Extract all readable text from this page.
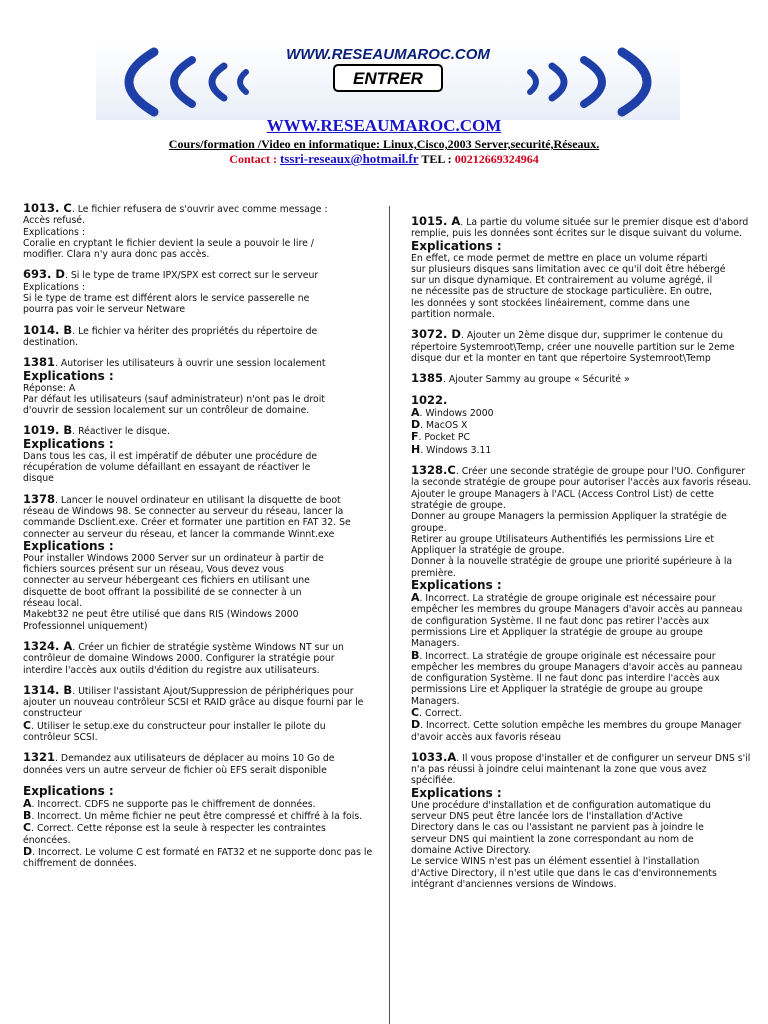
WWW.RESEAUMAROC.COM
ENTRER
WWW.RESEAUMAROC.COM
Cours/formation /Video en informatique: Linux,Cisco,2003 Server,securité,Réseaux.
Contact : tssri-reseaux@hotmail.fr TEL : 00212669324964
1013. C. Le fichier refusera de s'ouvrir avec comme message :
Accès refusé.
Explications :
Coralie en cryptant le fichier devient la seule a pouvoir le lire /
modifier. Clara n'y aura donc pas accès.
693. D. Si le type de trame IPX/SPX est correct sur le serveur
Explications :
Si le type de trame est différent alors le service passerelle ne
pourra pas voir le serveur Netware
1014. B. Le fichier va hériter des propriétés du répertoire de destination.
1381. Autoriser les utilisateurs à ouvrir une session localement
Explications :
Réponse: A
Par défaut les utilisateurs (sauf administrateur) n'ont pas le droit
d'ouvrir de session localement sur un contrôleur de domaine.
1019. B. Réactiver le disque.
Explications :
Dans tous les cas, il est impératif de débuter une procédure de
récupération de volume défaillant en essayant de réactiver le
disque
1378. Lancer le nouvel ordinateur en utilisant la disquette de boot réseau de Windows 98. Se connecter au serveur du réseau, lancer la commande Dsclient.exe. Créer et formater une partition en FAT 32. Se connecter au serveur du réseau, et lancer la commande Winnt.exe
Explications :
Pour installer Windows 2000 Server sur un ordinateur à partir de
fichiers sources présent sur un réseau, Vous devez vous
connecter au serveur hébergeant ces fichiers en utilisant une
disquette de boot offrant la possibilité de se connecter à un
réseau local.
Makebt32 ne peut être utilisé que dans RIS (Windows 2000
Professionnel uniquement)
1324. A. Créer un fichier de stratégie système Windows NT sur un contrôleur de domaine Windows 2000. Configurer la stratégie pour interdire l'accès aux outils d'édition du registre aux utilisateurs.
1314. B. Utiliser l'assistant Ajout/Suppression de périphériques pour ajouter un nouveau contrôleur SCSI et RAID grâce au disque fourni par le constructeur
C. Utiliser le setup.exe du constructeur pour installer le pilote du contrôleur SCSI.
1321. Demandez aux utilisateurs de déplacer au moins 10 Go de données vers un autre serveur de fichier où EFS serait disponible
Explications :
A. Incorrect. CDFS ne supporte pas le chiffrement de données.
B. Incorrect. Un même fichier ne peut être compressé et chiffré à la fois.
C. Correct. Cette réponse est la seule à respecter les contraintes énoncées.
D. Incorrect. Le volume C est formaté en FAT32 et ne supporte donc pas le chiffrement de données.
1015. A. La partie du volume située sur le premier disque est d'abord remplie, puis les données sont écrites sur le disque suivant du volume.
Explications :
En effet, ce mode permet de mettre en place un volume réparti
sur plusieurs disques sans limitation avec ce qu'il doit être hébergé
sur un disque dynamique. Et contrairement au volume agrégé, il
ne nécessite pas de structure de stockage particulière. En outre,
les données y sont stockées linéairement, comme dans une
partition normale.
3072. D. Ajouter un 2ème disque dur, supprimer le contenue du répertoire Systemroot\Temp, créer une nouvelle partition sur le 2eme disque dur et la monter en tant que répertoire Systemroot\Temp
1385. Ajouter Sammy au groupe « Sécurité »
1022.
A. Windows 2000
D. MacOS X
F. Pocket PC
H. Windows 3.11
1328.C. Créer une seconde stratégie de groupe pour l'UO. Configurer la seconde stratégie de groupe pour autoriser l'accès aux favoris réseau.
Ajouter le groupe Managers à l'ACL (Access Control List) de cette stratégie de groupe.
Donner au groupe Managers la permission Appliquer la stratégie de groupe.
Retirer au groupe Utilisateurs Authentifiés les permissions Lire et Appliquer la stratégie de groupe.
Donner à la nouvelle stratégie de groupe une priorité supérieure à la première.
Explications :
A. Incorrect. La stratégie de groupe originale est nécessaire pour empêcher les membres du groupe Managers d'avoir accès au panneau de configuration Système. Il ne faut donc pas retirer l'accès aux permissions Lire et Appliquer la stratégie de groupe au groupe Managers.
B. Incorrect. La stratégie de groupe originale est nécessaire pour empêcher les membres du groupe Managers d'avoir accès au panneau de configuration Système. Il ne faut donc pas interdire l'accès aux permissions Lire et Appliquer la stratégie de groupe au groupe Managers.
C. Correct.
D. Incorrect. Cette solution empêche les membres du groupe Manager d'avoir accès aux favoris réseau
1033.A. Il vous propose d'installer et de configurer un serveur DNS s'il n'a pas réussi à joindre celui maintenant la zone que vous avez spécifiée.
Explications :
Une procédure d'installation et de configuration automatique du
serveur DNS peut être lancée lors de l'installation d'Active
Directory dans le cas ou l'assistant ne parvient pas à joindre le
serveur DNS qui maintient la zone correspondant au nom de
domaine Active Directory.
Le service WINS n'est pas un élément essentiel à l'installation
d'Active Directory, il n'est utile que dans le cas d'environnements
intégrant d'anciennes versions de Windows.
